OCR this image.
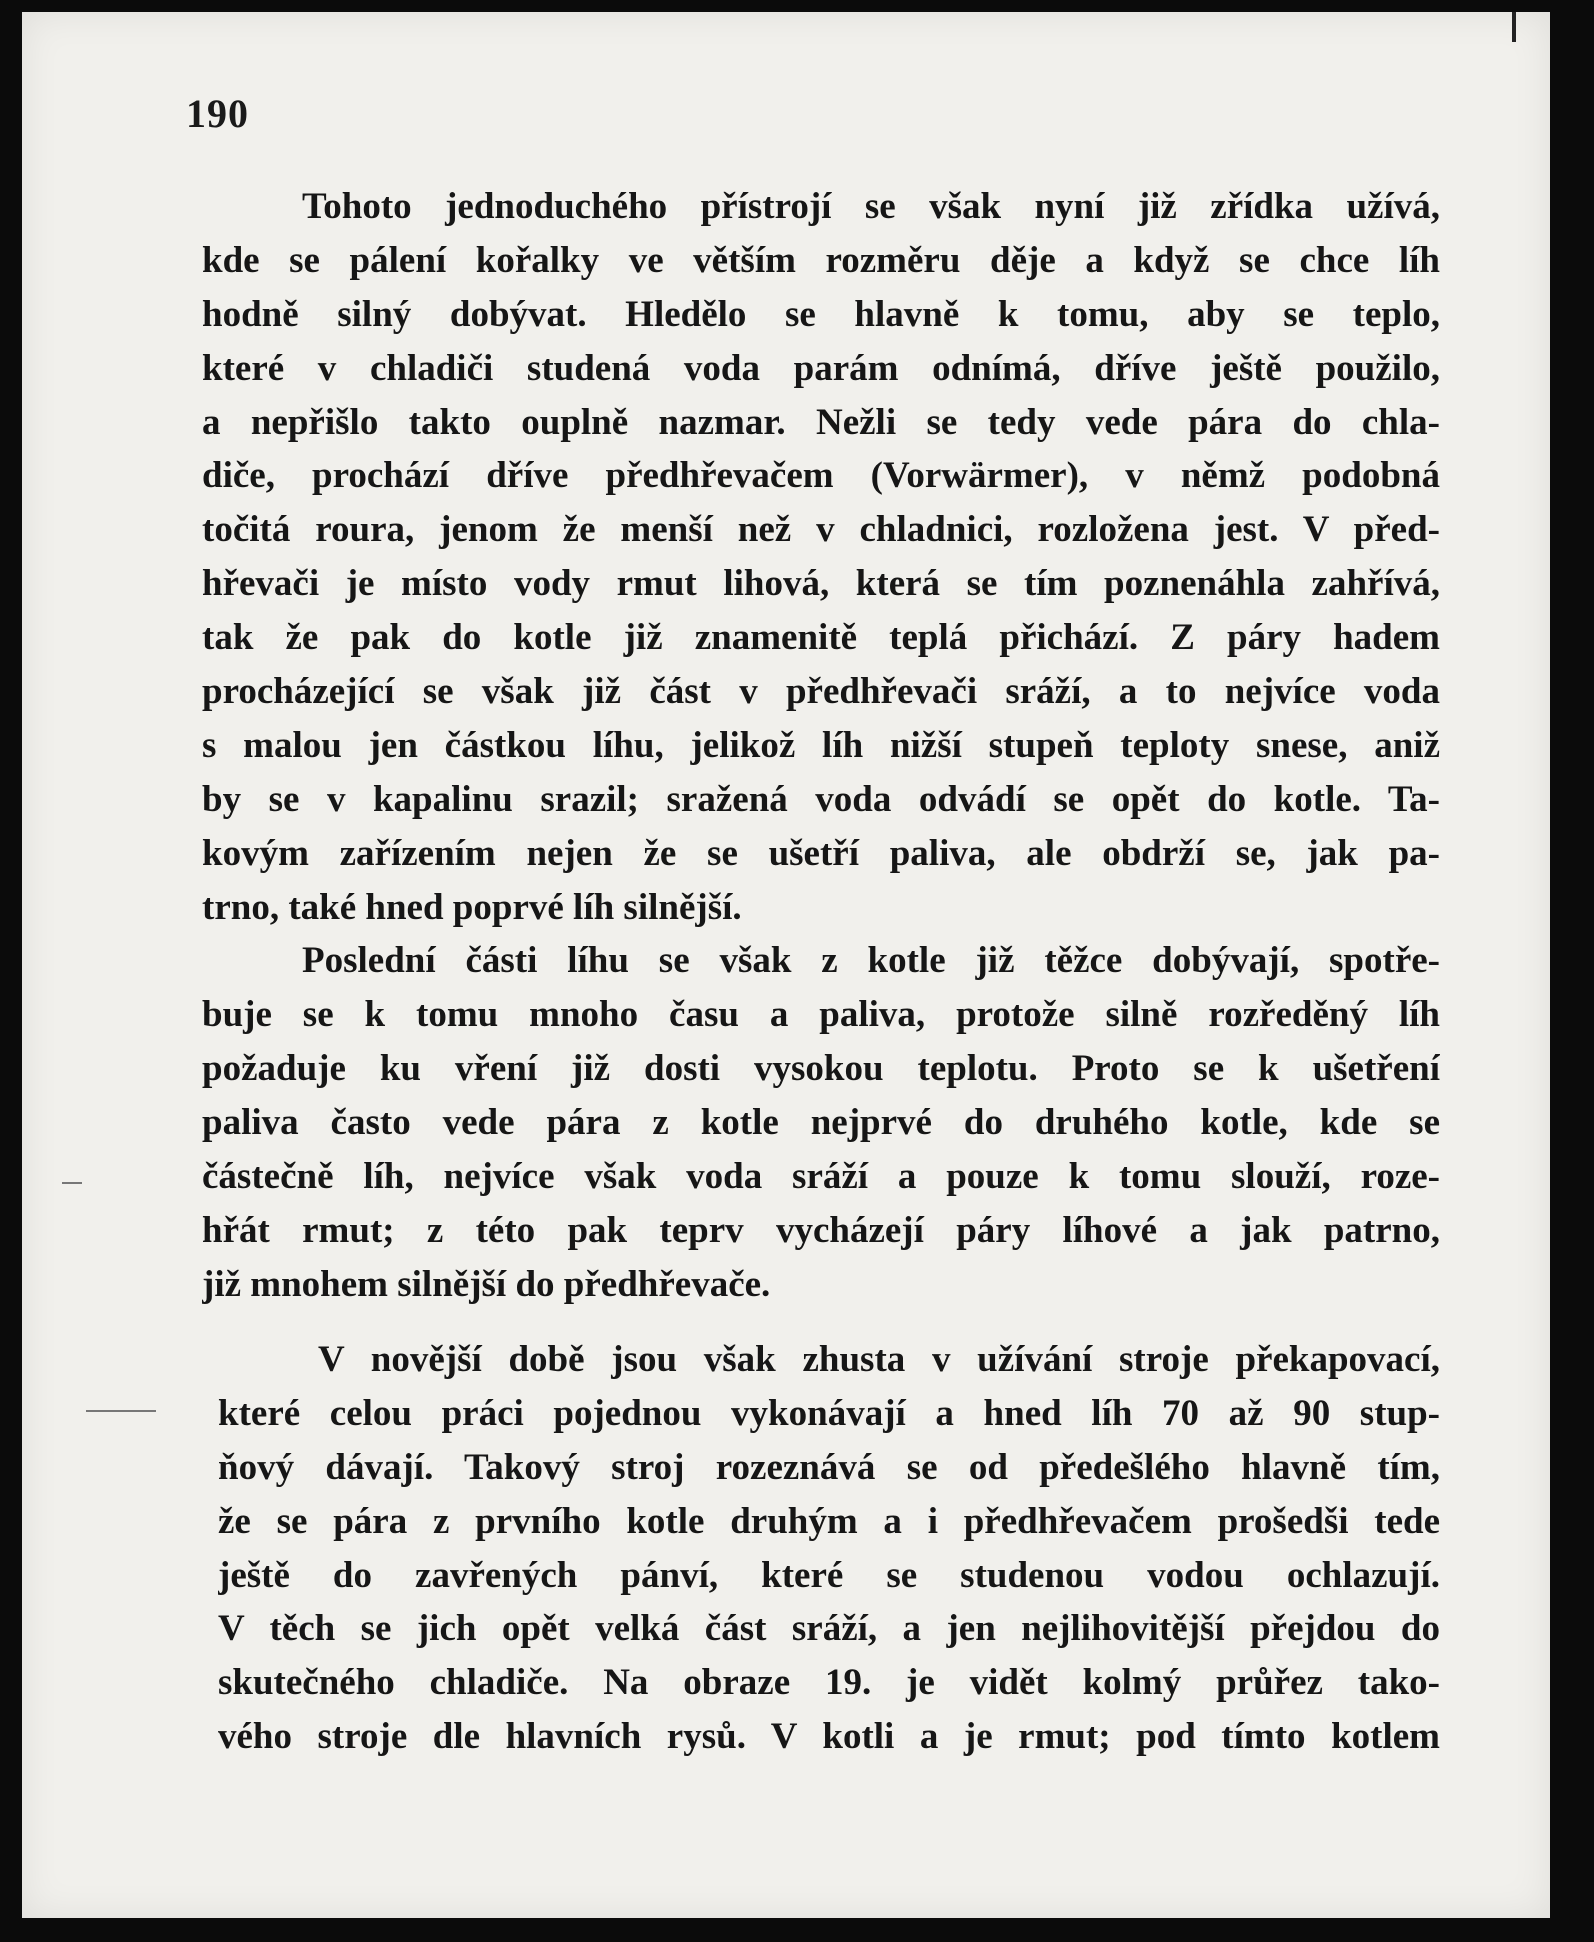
190
Tohoto jednoduchého přístrojí se však nyní již zřídka užívá,
kde se pálení kořalky ve větším rozměru děje a když se chce líh
hodně silný dobývat. Hledělo se hlavně k tomu, aby se teplo,
které v chladiči studená voda parám odnímá, dříve ještě použilo,
a nepřišlo takto ouplně nazmar. Nežli se tedy vede pára do chla-
diče, prochází dříve předhřevačem (Vorwärmer), v němž podobná
točitá roura, jenom že menší než v chladnici, rozložena jest. V před-
hřevači je místo vody rmut lihová, která se tím poznenáhla zahřívá,
tak že pak do kotle již znamenitě teplá přichází. Z páry hadem
procházející se však již část v předhřevači sráží, a to nejvíce voda
s malou jen částkou líhu, jelikož líh nižší stupeň teploty snese, aniž
by se v kapalinu srazil; sražená voda odvádí se opět do kotle. Ta-
kovým zařízením nejen že se ušetří paliva, ale obdrží se, jak pa-
trno, také hned poprvé líh silnější.
Poslední části líhu se však z kotle již těžce dobývají, spotře-
buje se k tomu mnoho času a paliva, protože silně rozředěný líh
požaduje ku vření již dosti vysokou teplotu. Proto se k ušetření
paliva často vede pára z kotle nejprvé do druhého kotle, kde se
částečně líh, nejvíce však voda sráží a pouze k tomu slouží, roze-
hřát rmut; z této pak teprv vycházejí páry líhové a jak patrno,
již mnohem silnější do předhřevače.
V novější době jsou však zhusta v užívání stroje překapovací,
které celou práci pojednou vykonávají a hned líh 70 až 90 stup-
ňový dávají. Takový stroj rozeznává se od předešlého hlavně tím,
že se pára z prvního kotle druhým a i předhřevačem prošedši tede
ještě do zavřených pánví, které se studenou vodou ochlazují.
V těch se jich opět velká část sráží, a jen nejlihovitější přejdou do
skutečného chladiče. Na obraze 19. je vidět kolmý průřez tako-
vého stroje dle hlavních rysů. V kotli a je rmut; pod tímto kotlem
